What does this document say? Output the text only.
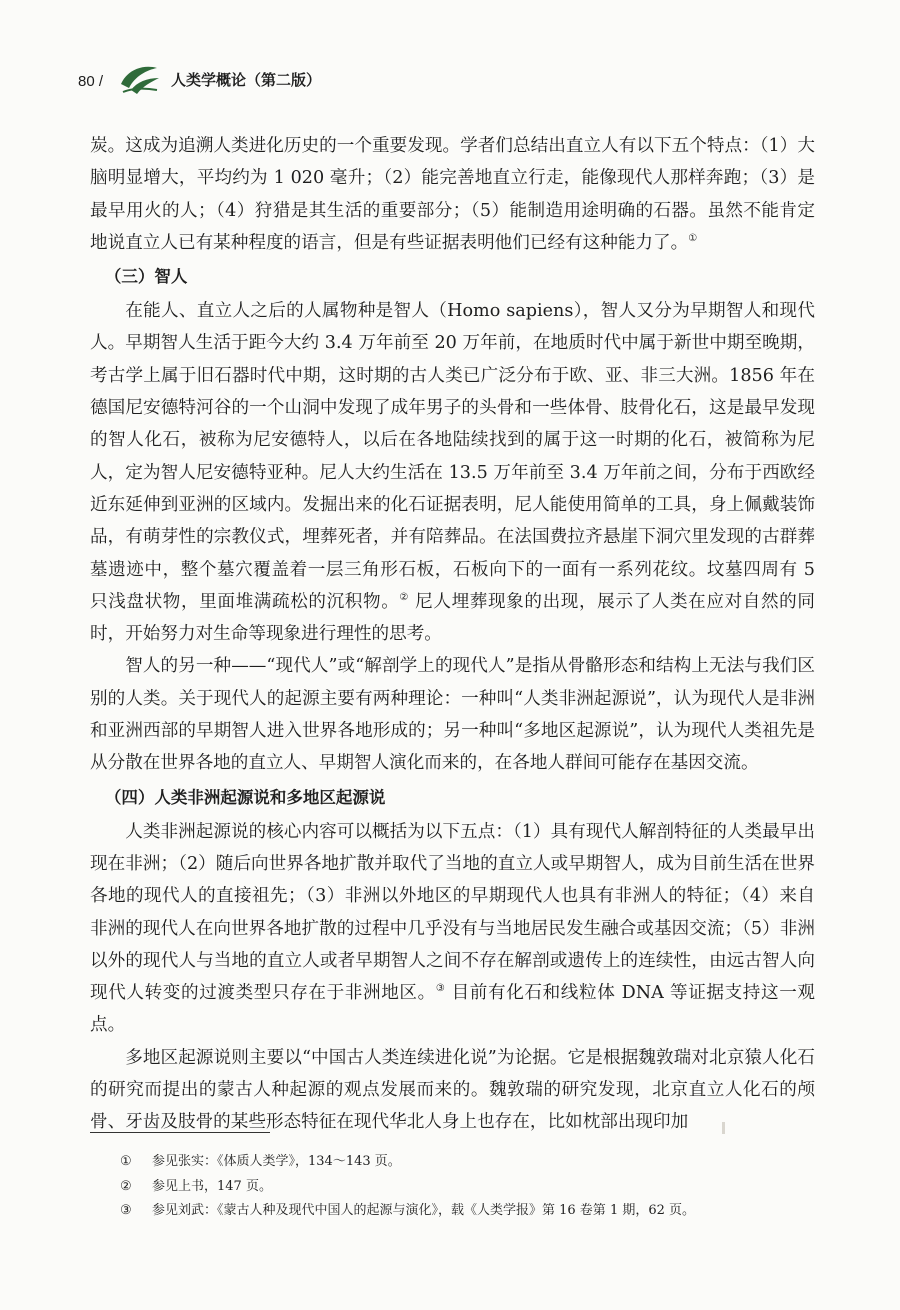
80 /	人类学概论（第二版）

炭。这成为追溯人类进化历史的一个重要发现。学者们总结出直立人有以下五个特点：（1）大脑明显增大，平均约为 1 020 毫升；（2）能完善地直立行走，能像现代人那样奔跑；（3）是最早用火的人；（4）狩猎是其生活的重要部分；（5）能制造用途明确的石器。虽然不能肯定地说直立人已有某种程度的语言，但是有些证据表明他们已经有这种能力了。①

（三）智人

在能人、直立人之后的人属物种是智人（Homo sapiens），智人又分为早期智人和现代人。早期智人生活于距今大约 3.4 万年前至 20 万年前，在地质时代中属于新世中期至晚期，考古学上属于旧石器时代中期，这时期的古人类已广泛分布于欧、亚、非三大洲。1856 年在德国尼安德特河谷的一个山洞中发现了成年男子的头骨和一些体骨、肢骨化石，这是最早发现的智人化石，被称为尼安德特人，以后在各地陆续找到的属于这一时期的化石，被简称为尼人，定为智人尼安德特亚种。尼人大约生活在 13.5 万年前至 3.4 万年前之间，分布于西欧经近东延伸到亚洲的区域内。发掘出来的化石证据表明，尼人能使用简单的工具，身上佩戴装饰品，有萌芽性的宗教仪式，埋葬死者，并有陪葬品。在法国费拉齐悬崖下洞穴里发现的古群葬墓遗迹中，整个墓穴覆盖着一层三角形石板，石板向下的一面有一系列花纹。坟墓四周有 5 只浅盘状物，里面堆满疏松的沉积物。② 尼人埋葬现象的出现，展示了人类在应对自然的同时，开始努力对生命等现象进行理性的思考。

智人的另一种——“现代人”或“解剖学上的现代人”是指从骨骼形态和结构上无法与我们区别的人类。关于现代人的起源主要有两种理论：一种叫“人类非洲起源说”，认为现代人是非洲和亚洲西部的早期智人进入世界各地形成的；另一种叫“多地区起源说”，认为现代人类祖先是从分散在世界各地的直立人、早期智人演化而来的，在各地人群间可能存在基因交流。

（四）人类非洲起源说和多地区起源说

人类非洲起源说的核心内容可以概括为以下五点：（1）具有现代人解剖特征的人类最早出现在非洲；（2）随后向世界各地扩散并取代了当地的直立人或早期智人，成为目前生活在世界各地的现代人的直接祖先；（3）非洲以外地区的早期现代人也具有非洲人的特征；（4）来自非洲的现代人在向世界各地扩散的过程中几乎没有与当地居民发生融合或基因交流；（5）非洲以外的现代人与当地的直立人或者早期智人之间不存在解剖或遗传上的连续性，由远古智人向现代人转变的过渡类型只存在于非洲地区。③ 目前有化石和线粒体 DNA 等证据支持这一观点。

多地区起源说则主要以“中国古人类连续进化说”为论据。它是根据魏敦瑞对北京猿人化石的研究而提出的蒙古人种起源的观点发展而来的。魏敦瑞的研究发现，北京直立人化石的颅骨、牙齿及肢骨的某些形态特征在现代华北人身上也存在，比如枕部出现印加

①	参见张实：《体质人类学》，134～143 页。
②	参见上书，147 页。
③	参见刘武：《蒙古人种及现代中国人的起源与演化》，载《人类学报》第 16 卷第 1 期，62 页。
